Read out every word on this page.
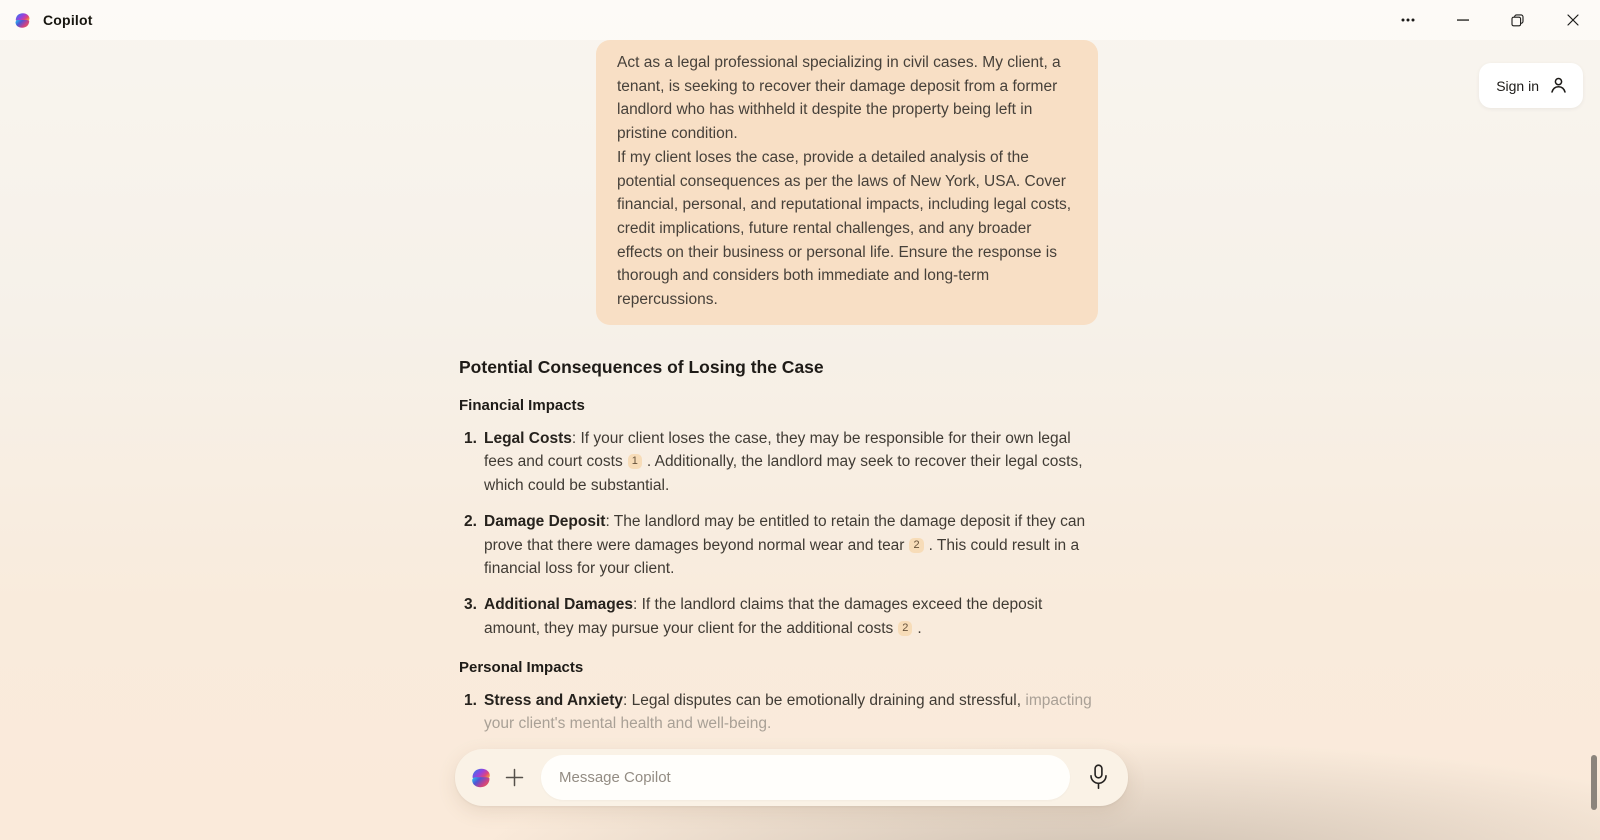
Copilot
Sign in

Act as a legal professional specializing in civil cases. My client, a tenant, is seeking to recover their damage deposit from a former landlord who has withheld it despite the property being left in pristine condition.

If my client loses the case, provide a detailed analysis of the potential consequences as per the laws of New York, USA. Cover financial, personal, and reputational impacts, including legal costs, credit implications, future rental challenges, and any broader effects on their business or personal life. Ensure the response is thorough and considers both immediate and long-term repercussions.

Potential Consequences of Losing the Case
Financial Impacts
1. Legal Costs: If your client loses the case, they may be responsible for their own legal fees and court costs 1 . Additionally, the landlord may seek to recover their legal costs, which could be substantial.
2. Damage Deposit: The landlord may be entitled to retain the damage deposit if they can prove that there were damages beyond normal wear and tear 2 . This could result in a financial loss for your client.
3. Additional Damages: If the landlord claims that the damages exceed the deposit amount, they may pursue your client for the additional costs 2 .
Personal Impacts
1. Stress and Anxiety: Legal disputes can be emotionally draining and stressful, impacting your client's mental health and well-being.
Message Copilot
